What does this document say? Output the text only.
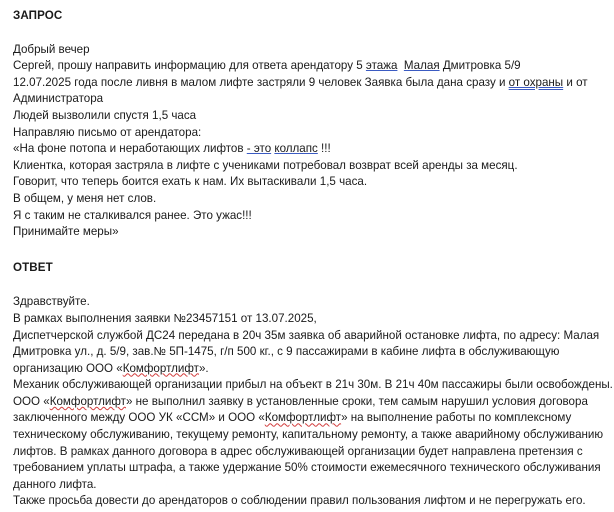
ЗАПРОС
Добрый вечер
Сергей, прошу направить информацию для ответа арендатору 5 этажа Малая Дмитровка 5/9
12.07.2025 года после ливня в малом лифте застряли 9 человек Заявка была дана сразу и от охраны и от
Администратора
Людей вызволили спустя 1,5 часа
Направляю письмо от арендатора:
«На фоне потопа и неработающих лифтов - это коллапс !!!
Клиентка, которая застряла в лифте с учениками потребовал возврат всей аренды за месяц.
Говорит, что теперь боится ехать к нам. Их вытаскивали 1,5 часа.
В общем, у меня нет слов.
Я с таким не сталкивался ранее. Это ужас!!!
Принимайте меры»
ОТВЕТ
Здравствуйте.
В рамках выполнения заявки №23457151 от 13.07.2025,
Диспетчерской службой ДС24 передана в 20ч 35м заявка об аварийной остановке лифта, по адресу: Малая
Дмитровка ул., д. 5/9, зав.№ 5П-1475, г/п 500 кг., с 9 пассажирами в кабине лифта в обслуживающую
организацию ООО «Комфортлифт».
Механик обслуживающей организации прибыл на объект в 21ч 30м. В 21ч 40м пассажиры были освобождены.
ООО «Комфортлифт» не выполнил заявку в установленные сроки, тем самым нарушил условия договора
заключенного между ООО УК «ССМ» и ООО «Комфортлифт» на выполнение работы по комплексному
техническому обслуживанию, текущему ремонту, капитальному ремонту, а также аварийному обслуживанию
лифтов. В рамках данного договора в адрес обслуживающей организации будет направлена претензия с
требованием уплаты штрафа, а также удержание 50% стоимости ежемесячного технического обслуживания
данного лифта.
Также просьба довести до арендаторов о соблюдении правил пользования лифтом и не перегружать его.
